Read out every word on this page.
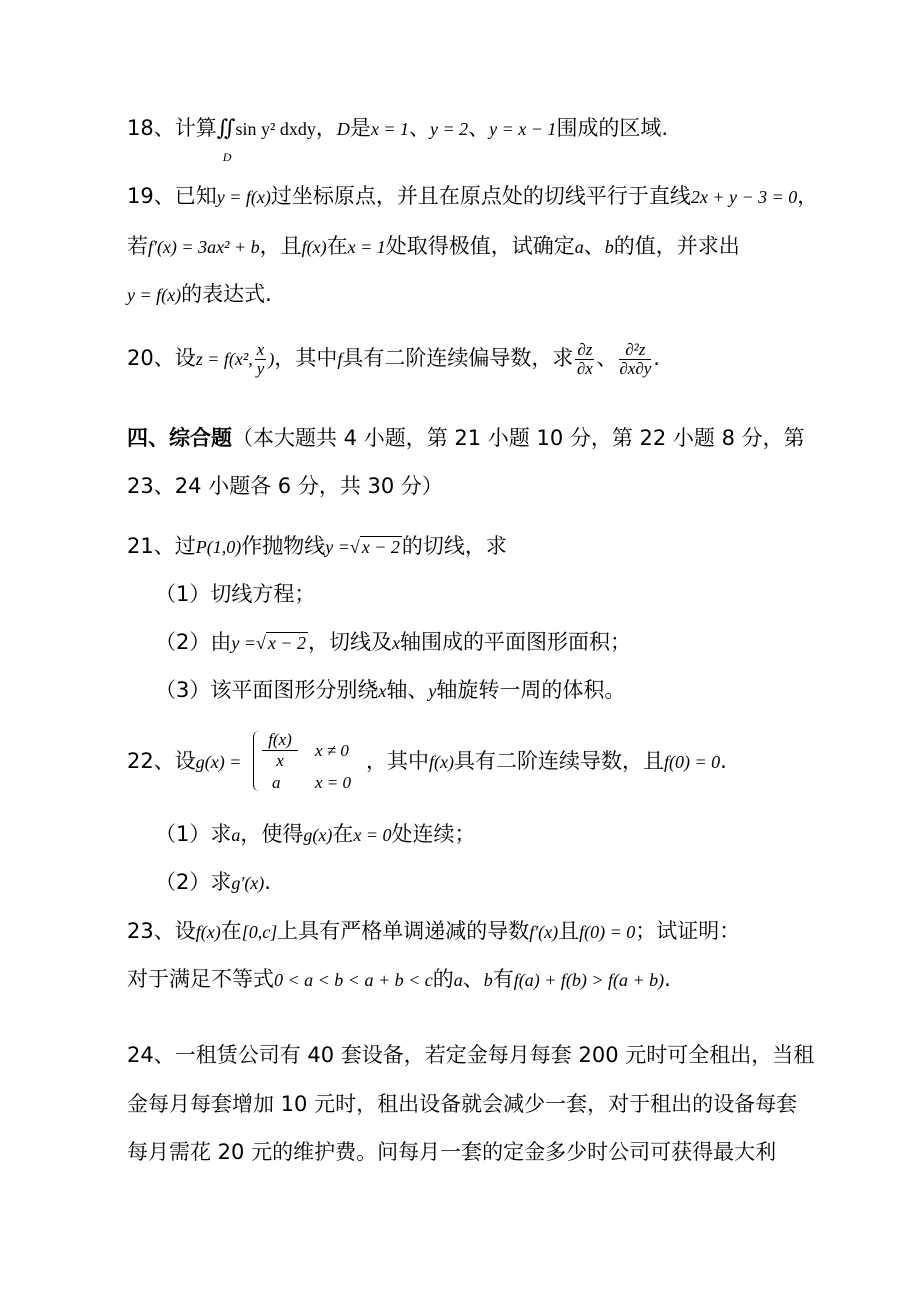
18、计算∬
D
sin y² dxdy，D是x = 1、y = 2、y = x − 1围成的区域.
19、已知y = f(x)过坐标原点，并且在原点处的切线平行于直线2x + y − 3 = 0，
若f′(x) = 3ax² + b，且f(x)在x = 1处取得极值，试确定a、b的值，并求出
y = f(x)的表达式.
20、设z = f(x², $\frac{x}{y}$ )，其中f具有二阶连续偏导数，求 $\frac{\partial z}{\partial x}$ 、 $\frac{\text{∂²z}}{\partial x\partial y}$ .
四、综合题（本大题共 4 小题，第 21 小题 10 分，第 22 小题 8 分，第
23、24 小题各 6 分，共 30 分）
21、过P(1,0)作抛物线y =√ x − 2的切线，求
（1）切线方程；
（2）由y =√ x − 2，切线及x轴围成的平面图形面积；
（3）该平面图形分别绕x轴、y轴旋转一周的体积。
22、设g(x) =
f(x)
x
x ≠ 0
a x = 0
，其中f(x)具有二阶连续导数，且f(0) = 0.
（1）求a，使得g(x)在x = 0处连续；
（2）求g′(x).
23、设f(x)在[0,c]上具有严格单调递减的导数f′(x)且f(0) = 0；试证明：
对于满足不等式0 < a < b < a + b < c的a、b有f(a) + f(b) > f(a + b).
24、一租赁公司有 40 套设备，若定金每月每套 200 元时可全租出，当租
金每月每套增加 10 元时，租出设备就会减少一套，对于租出的设备每套
每月需花 20 元的维护费。问每月一套的定金多少时公司可获得最大利
